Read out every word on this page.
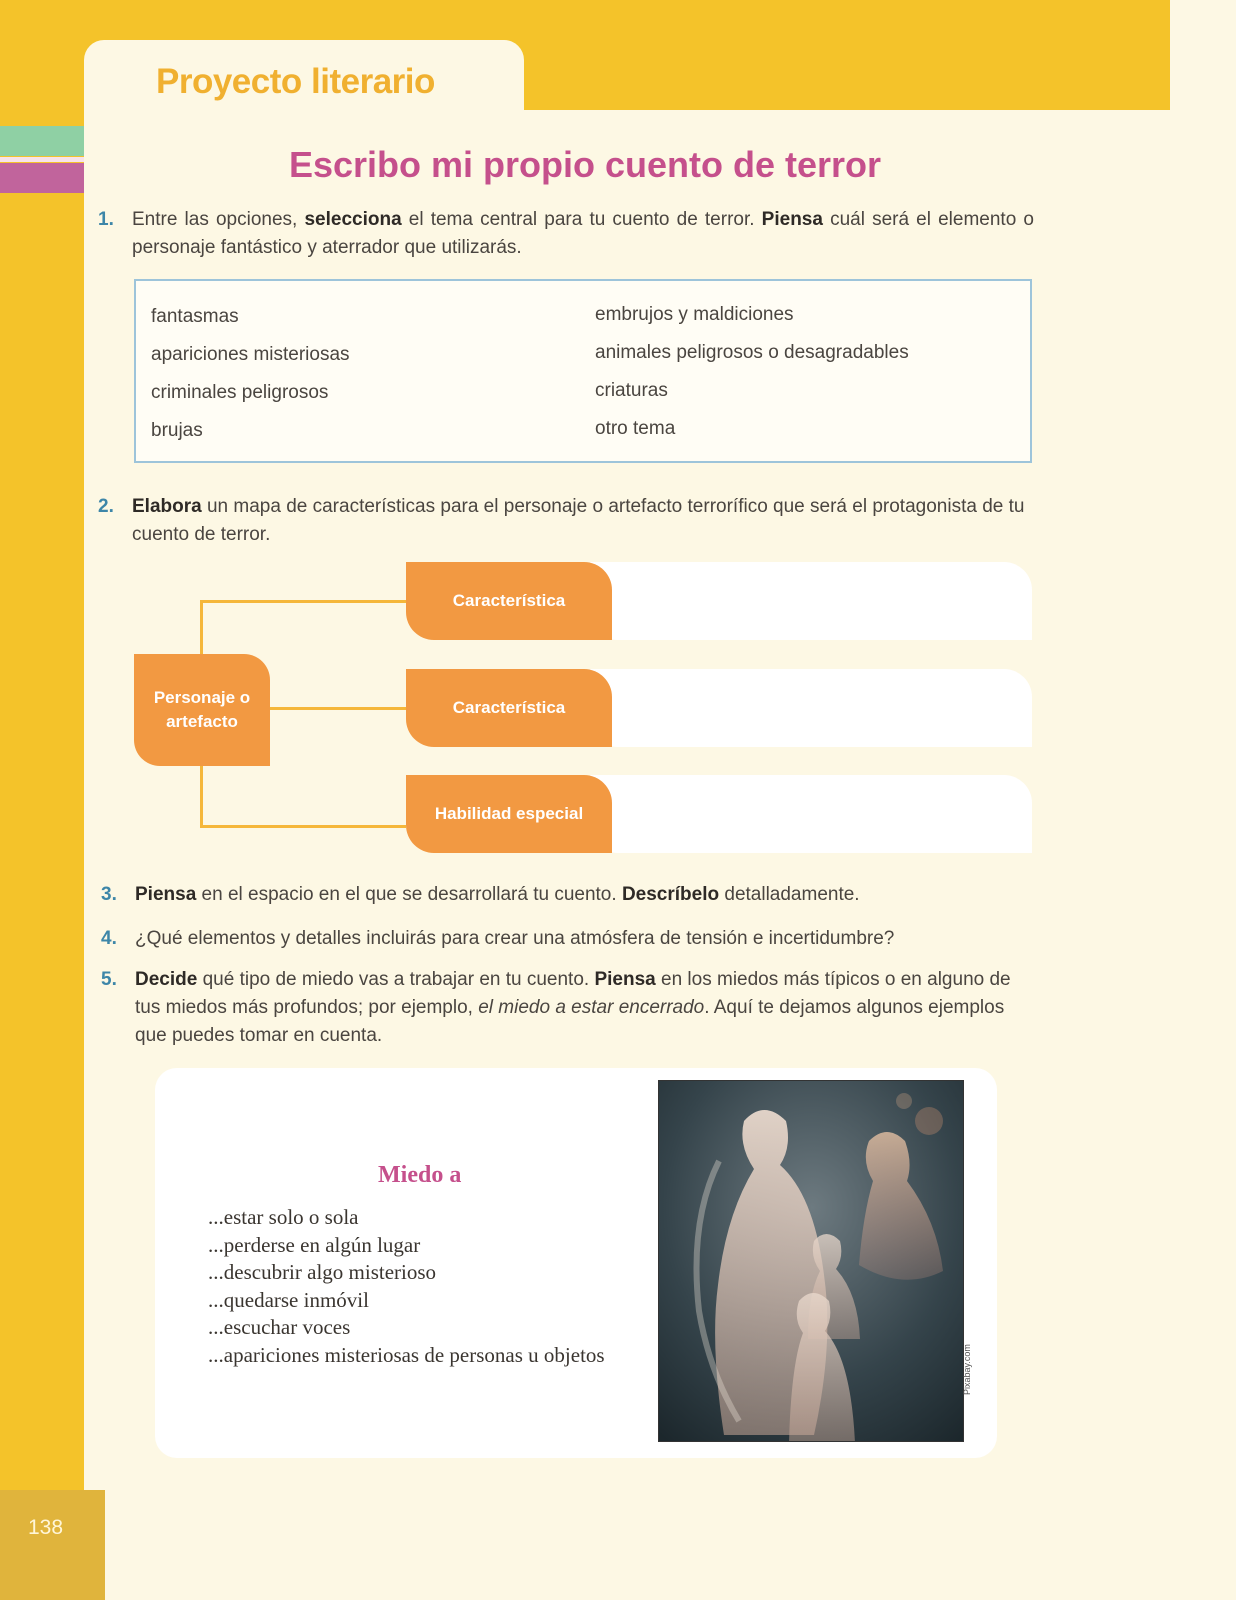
Proyecto literario
Escribo mi propio cuento de terror
1. Entre las opciones, selecciona el tema central para tu cuento de terror. Piensa cuál será el elemento o personaje fantástico y aterrador que utilizarás.
fantasmas
apariciones misteriosas
criminales peligrosos
brujas
embrujos y maldiciones
animales peligrosos o desagradables
criaturas
otro tema
2. Elabora un mapa de características para el personaje o artefacto terrorífico que será el protagonista de tu cuento de terror.
Personaje o artefacto
Característica
Característica
Habilidad especial
3. Piensa en el espacio en el que se desarrollará tu cuento. Descríbelo detalladamente.
4. ¿Qué elementos y detalles incluirás para crear una atmósfera de tensión e incertidumbre?
5. Decide qué tipo de miedo vas a trabajar en tu cuento. Piensa en los miedos más típicos o en alguno de tus miedos más profundos; por ejemplo, el miedo a estar encerrado. Aquí te dejamos algunos ejemplos que puedes tomar en cuenta.
Miedo a
...estar solo o sola
...perderse en algún lugar
...descubrir algo misterioso
...quedarse inmóvil
...escuchar voces
...apariciones misteriosas de personas u objetos	Pixabay.com
138
